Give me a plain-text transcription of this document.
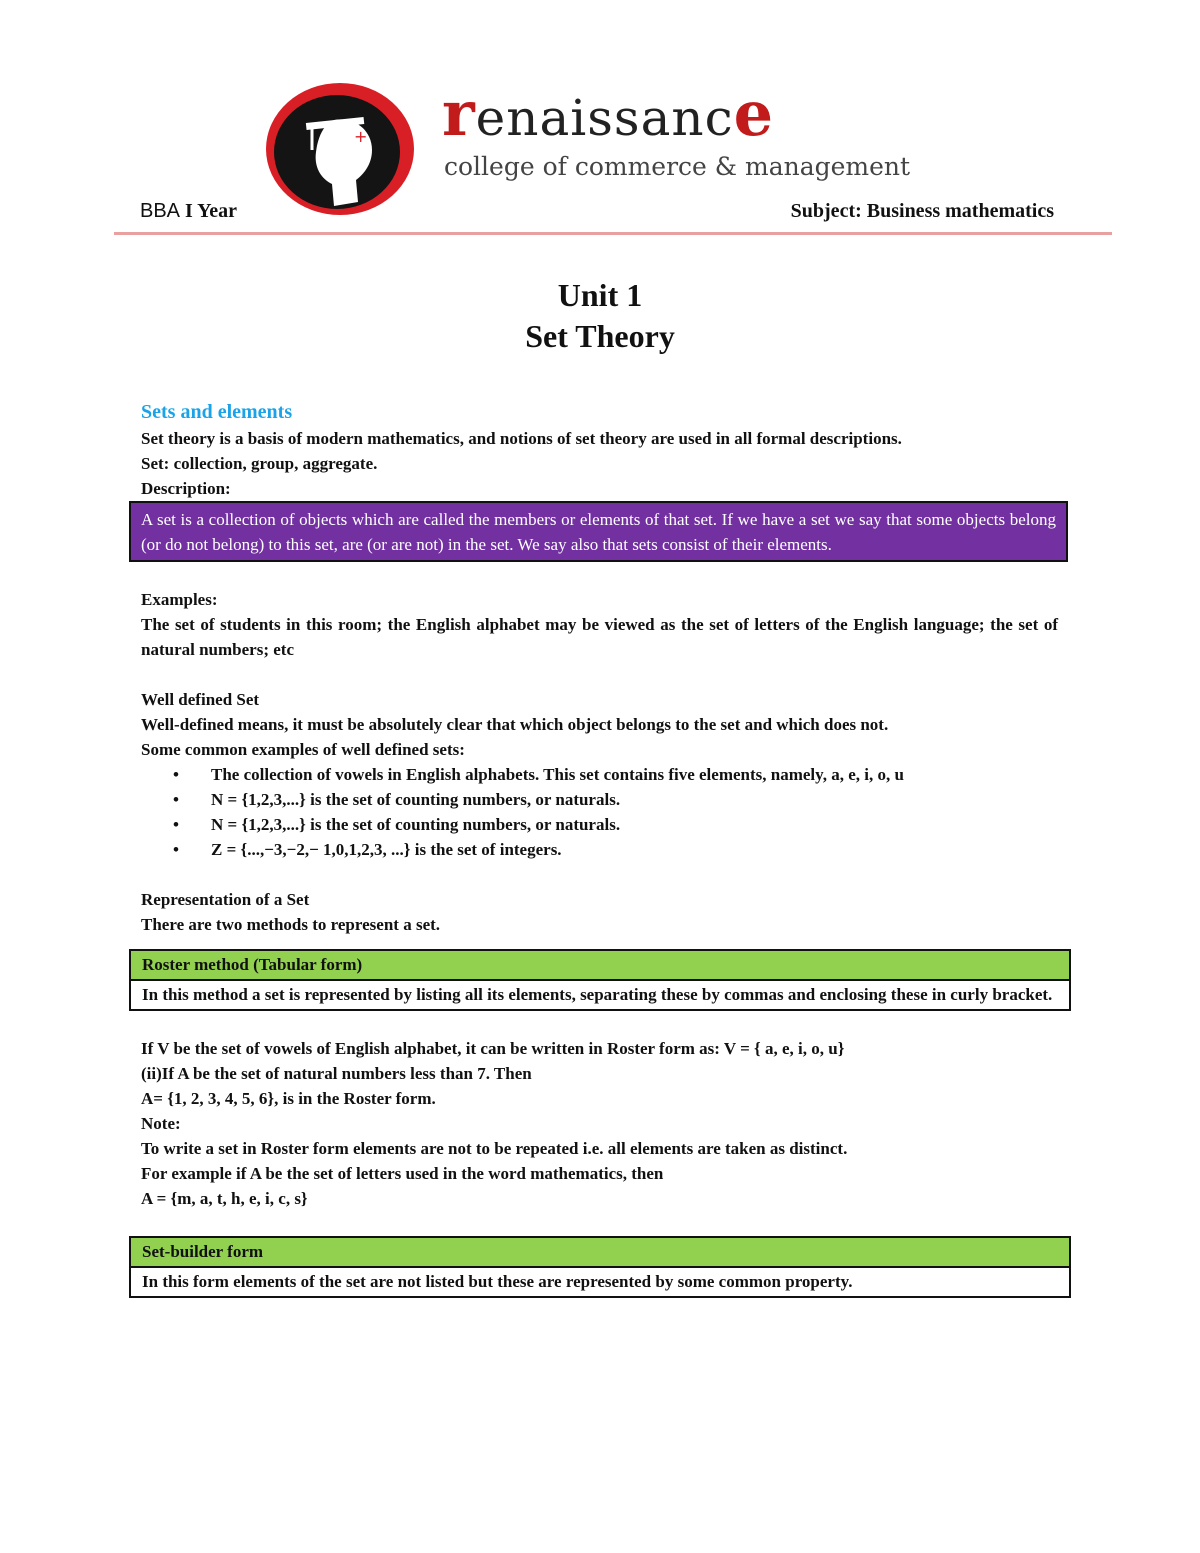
+ renaissance
college of commerce & management
BBA I Year	Subject: Business mathematics
Unit 1
Set Theory

Sets and elements

Set theory is a basis of modern mathematics, and notions of set theory are used in all formal descriptions.

Set: collection, group, aggregate.

Description:

A set is a collection of objects which are called the members or elements of that set. If we have a set we say that some objects belong (or do not belong) to this set, are (or are not) in the set. We say also that sets consist of their elements.

Examples:

The set of students in this room; the English alphabet may be viewed as the set of letters of the English language; the set of natural numbers; etc

Well defined Set

Well-defined means, it must be absolutely clear that which object belongs to the set and which does not.

Some common examples of well defined sets:

• The collection of vowels in English alphabets. This set contains five elements, namely, a, e, i, o, u
• N = {1,2,3,...} is the set of counting numbers, or naturals.
• N = {1,2,3,...} is the set of counting numbers, or naturals.
• Z = {...,−3,−2,− 1,0,1,2,3, ...} is the set of integers.

Representation of a Set

There are two methods to represent a set.

Roster method (Tabular form)
In this method a set is represented by listing all its elements, separating these by commas and enclosing these in curly bracket.

If V be the set of vowels of English alphabet, it can be written in Roster form as: V = { a, e, i, o, u}

(ii)If A be the set of natural numbers less than 7. Then

A= {1, 2, 3, 4, 5, 6}, is in the Roster form.

Note:

To write a set in Roster form elements are not to be repeated i.e. all elements are taken as distinct.

For example if A be the set of letters used in the word mathematics, then

A = {m, a, t, h, e, i, c, s}

Set-builder form
In this form elements of the set are not listed but these are represented by some common property.
